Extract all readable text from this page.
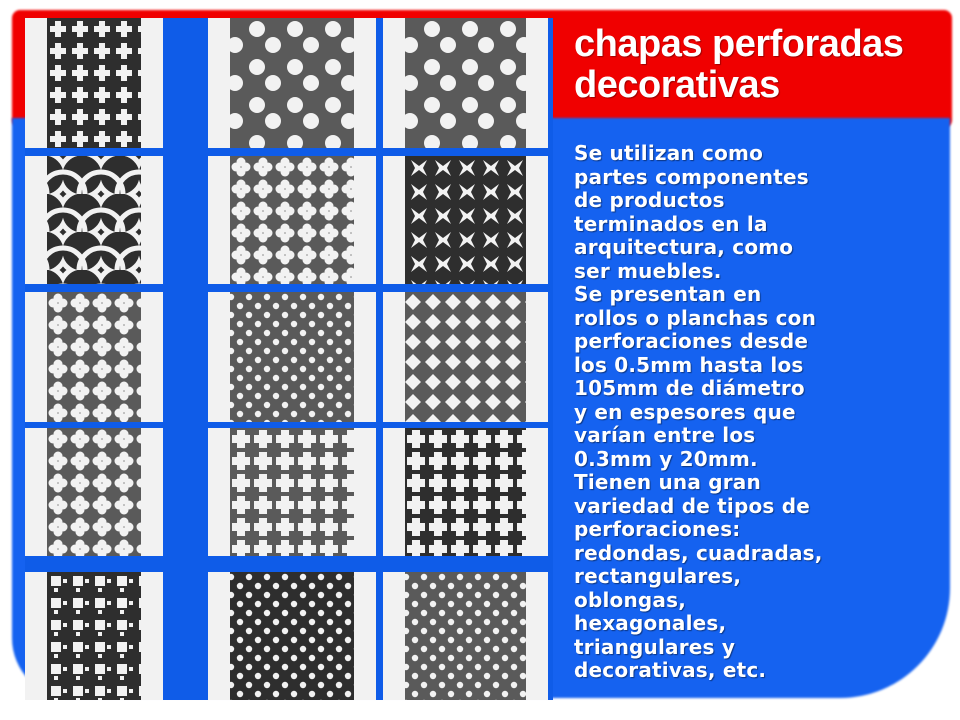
chapas perforadas
decorativas

Se utilizan como
partes componentes
de productos
terminados en la
arquitectura, como
ser muebles.
Se presentan en
rollos o planchas con
perforaciones desde
los 0.5mm hasta los
105mm de diámetro
y en espesores que
varían entre los
0.3mm y 20mm.
Tienen una gran
variedad de tipos de
perforaciones:
redondas, cuadradas,
rectangulares,
oblongas,
hexagonales,
triangulares y
decorativas, etc.
